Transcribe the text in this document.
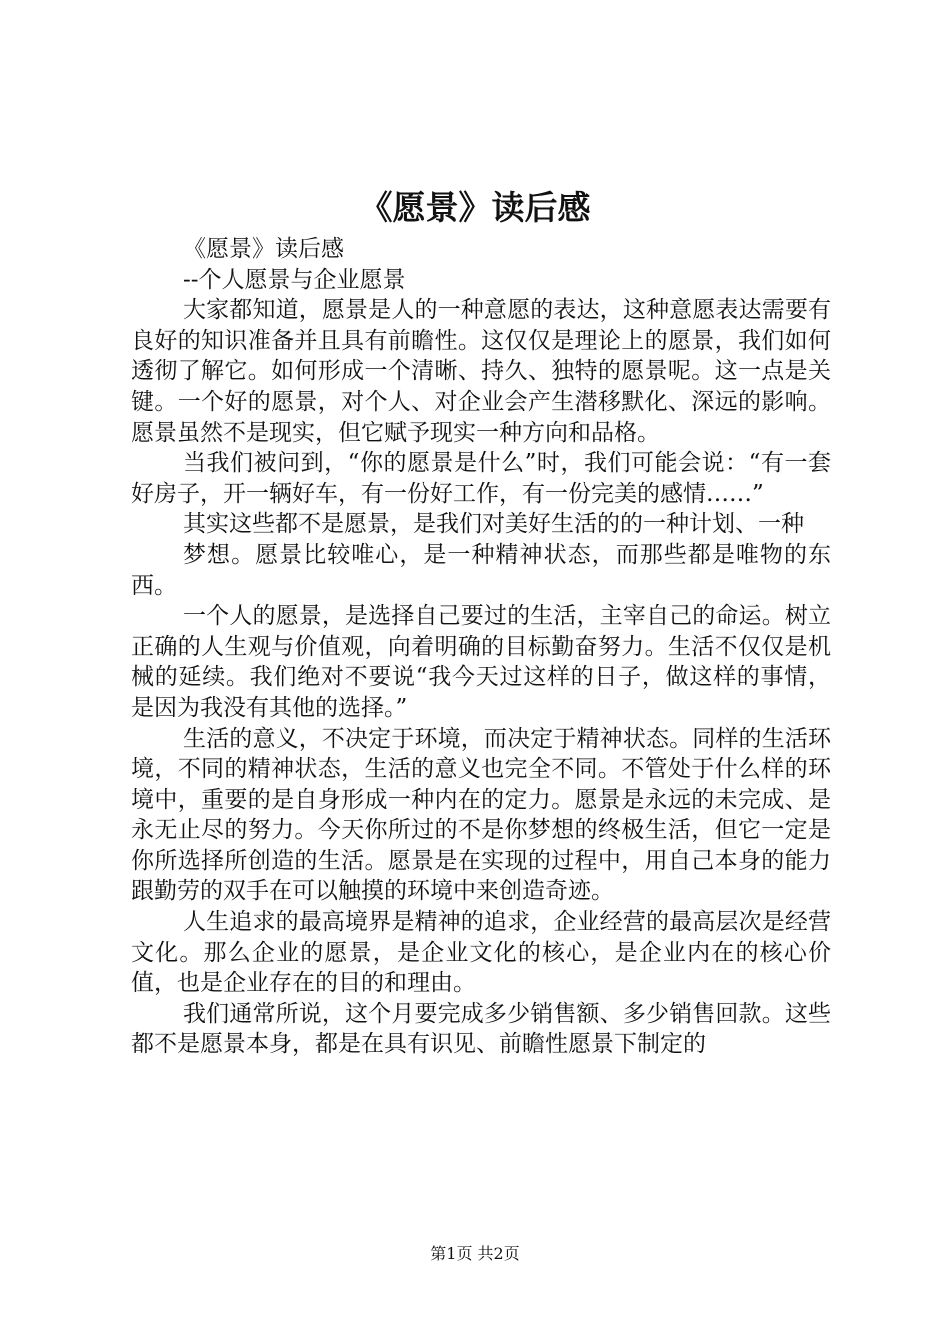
《愿景》读后感

《愿景》读后感

--个人愿景与企业愿景

大家都知道，愿景是人的一种意愿的表达，这种意愿表达需要有良好的知识准备并且具有前瞻性。这仅仅是理论上的愿景，我们如何透彻了解它。如何形成一个清晰、持久、独特的愿景呢。这一点是关键。一个好的愿景，对个人、对企业会产生潜移默化、深远的影响。愿景虽然不是现实，但它赋予现实一种方向和品格。

当我们被问到，“你的愿景是什么”时，我们可能会说：“有一套好房子，开一辆好车，有一份好工作，有一份完美的感情……”

其实这些都不是愿景，是我们对美好生活的的一种计划、一种

梦想。愿景比较唯心，是一种精神状态，而那些都是唯物的东西。

一个人的愿景，是选择自己要过的生活，主宰自己的命运。树立正确的人生观与价值观，向着明确的目标勤奋努力。生活不仅仅是机械的延续。我们绝对不要说“我今天过这样的日子，做这样的事情，是因为我没有其他的选择。”

生活的意义，不决定于环境，而决定于精神状态。同样的生活环境，不同的精神状态，生活的意义也完全不同。不管处于什么样的环境中，重要的是自身形成一种内在的定力。愿景是永远的未完成、是永无止尽的努力。今天你所过的不是你梦想的终极生活，但它一定是你所选择所创造的生活。愿景是在实现的过程中，用自己本身的能力跟勤劳的双手在可以触摸的环境中来创造奇迹。

人生追求的最高境界是精神的追求，企业经营的最高层次是经营文化。那么企业的愿景，是企业文化的核心，是企业内在的核心价值，也是企业存在的目的和理由。

我们通常所说，这个月要完成多少销售额、多少销售回款。这些都不是愿景本身，都是在具有识见、前瞻性愿景下制定的

第1页 共2页
